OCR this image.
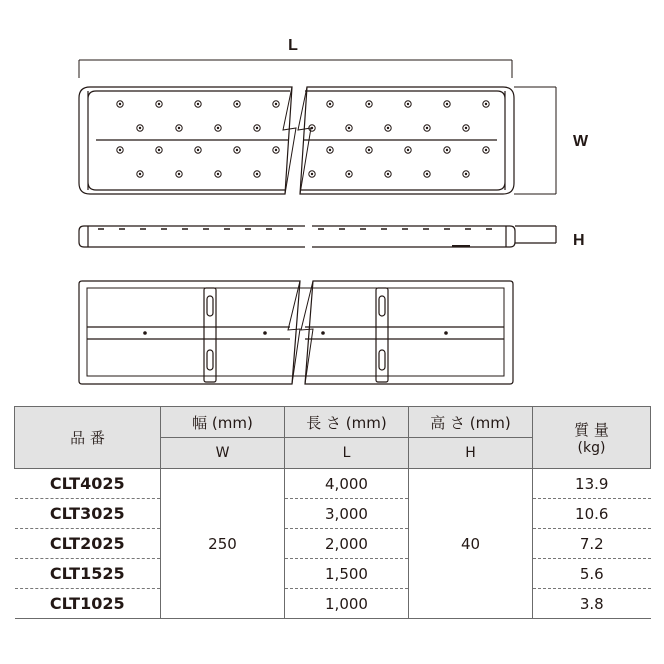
L
W
H
品 番	幅 (mm)	長 さ (mm)	高 さ (mm)	質 量
(kg)

	W	L	H	
CLT4025	250	4,000	40	13.9
CLT3025		3,000		10.6
CLT2025		2,000		7.2
CLT1525		1,500		5.6
CLT1025		1,000		3.8
